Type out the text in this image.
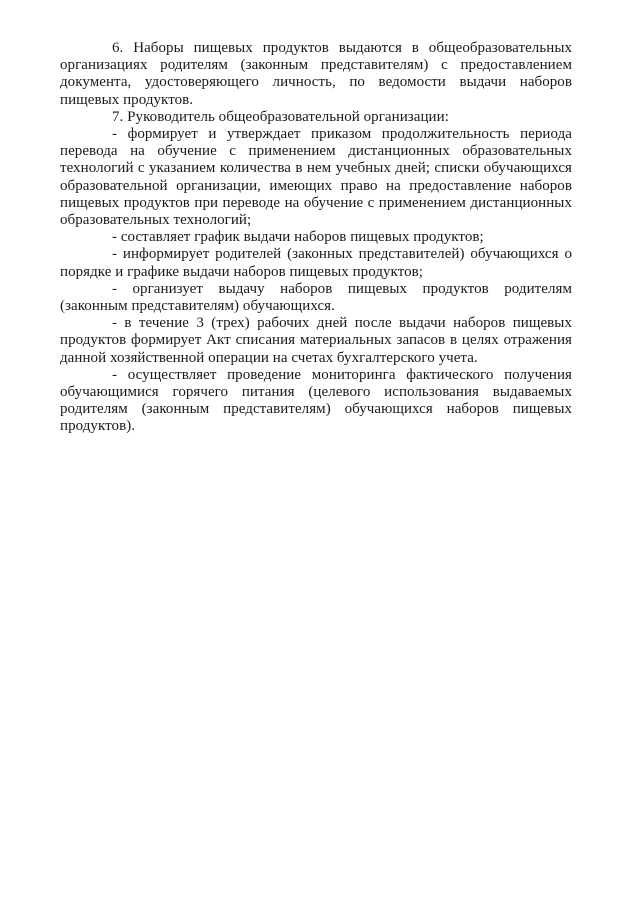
6. Наборы пищевых продуктов выдаются в общеобразовательных организациях родителям (законным представителям) с предоставлением документа, удостоверяющего личность, по ведомости выдачи наборов пищевых продуктов.

7. Руководитель общеобразовательной организации:

- формирует и утверждает приказом продолжительность периода перевода на обучение с применением дистанционных образовательных технологий с указанием количества в нем учебных дней; списки обучающихся образовательной организации, имеющих право на предоставление наборов пищевых продуктов при переводе на обучение с применением дистанционных образовательных технологий;

- составляет график выдачи наборов пищевых продуктов;

- информирует родителей (законных представителей) обучающихся о порядке и графике выдачи наборов пищевых продуктов;

- организует выдачу наборов пищевых продуктов родителям (законным представителям) обучающихся.

- в течение 3 (трех) рабочих дней после выдачи наборов пищевых продуктов формирует Акт списания материальных запасов в целях отражения данной хозяйственной операции на счетах бухгалтерского учета.

- осуществляет проведение мониторинга фактического получения обучающимися горячего питания (целевого использования выдаваемых родителям (законным представителям) обучающихся наборов пищевых продуктов).
